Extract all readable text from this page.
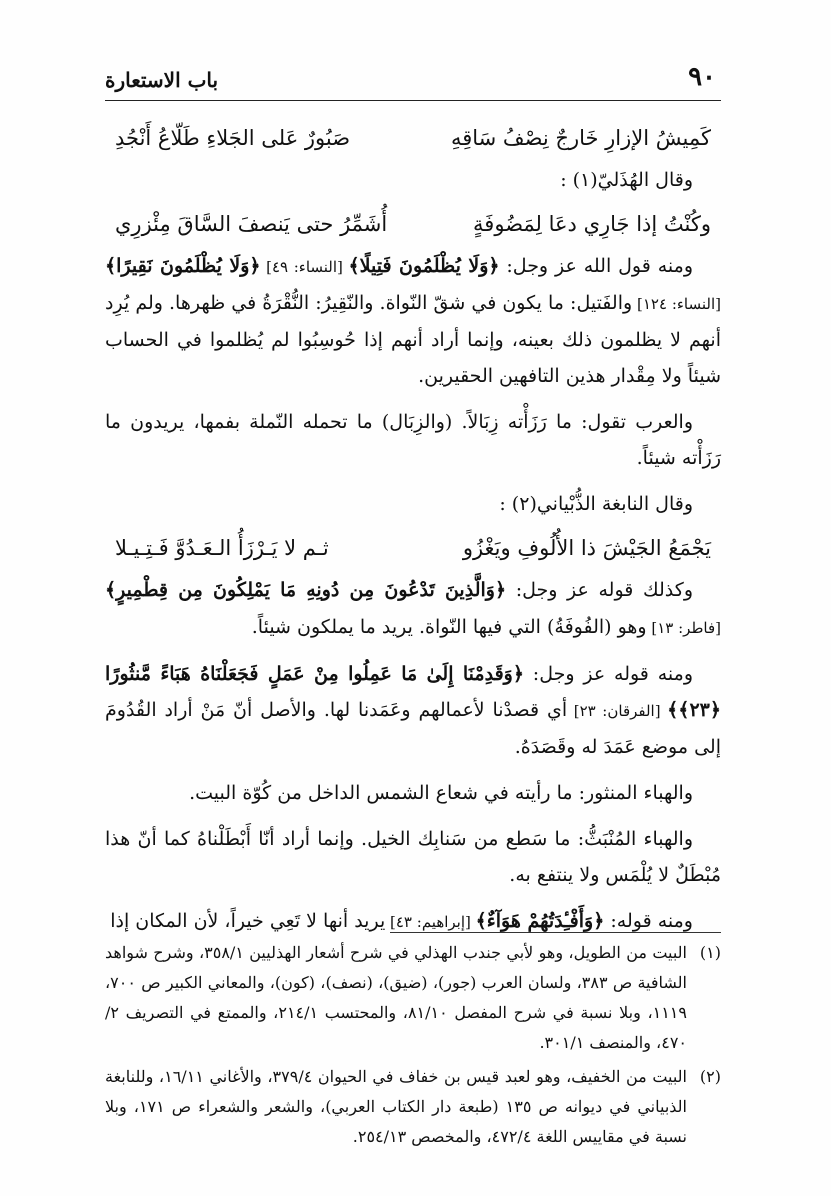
٩٠
باب الاستعارة
كَمِيشُ الإزارِ خَارجٌ نِصْفُ سَاقِهِ
صَبُورٌ عَلى الجَلاءِ طَلّاعُ أَنْجُدِ
وقال الهُذَليّ(١) :
وكُنْتُ إذا جَارِي دعَا لِمَضُوفَةٍ
أُشَمِّرُ حتى يَنصفَ السَّاقَ مِئْزرِي
ومنه قول الله عز وجل: ﴿وَلَا يُظْلَمُونَ فَتِيلًا﴾ [النساء: ٤٩] ﴿وَلَا يُظْلَمُونَ نَقِيرًا﴾ [النساء: ١٢٤] والفَتيل: ما يكون في شقّ النّواة. والنّقِيرُ: النُّقْرَةُ في ظهرها. ولم يُرِد أنهم لا يظلمون ذلك بعينه، وإنما أراد أنهم إذا حُوسِبُوا لم يُظلموا في الحساب شيئاً ولا مِقْدار هذين التافهين الحقيرين.
والعرب تقول: ما رَزَأْته زِبَالاً. (والزِبَال) ما تحمله النّملة بفمها، يريدون ما رَزَأْته شيئاً.
وقال النابغة الذُّبْياني(٢) :
يَجْمَعُ الجَيْشَ ذا الأُلُوفِ ويَغْزُو
ثـم لا يَـرْزَأُ الـعَـدُوَّ فَـتِـيـلا
وكذلك قوله عز وجل: ﴿وَالَّذِينَ تَدْعُونَ مِن دُونِهِ مَا يَمْلِكُونَ مِن قِطْمِيرٍ﴾ [فاطر: ١٣] وهو (الفُوفَةُ) التي فيها النّواة. يريد ما يملكون شيئاً.
ومنه قوله عز وجل: ﴿وَقَدِمْنَا إِلَىٰ مَا عَمِلُوا مِنْ عَمَلٍ فَجَعَلْنَاهُ هَبَاءً مَّنثُورًا ﴿٢٣﴾﴾ [الفرقان: ٢٣] أي قصدْنا لأعمالهم وعَمَدنا لها. والأصل أنّ مَنْ أراد القُدُومَ إلى موضع عَمَدَ له وقَصَدَهُ.
والهباء المنثور: ما رأيته في شعاع الشمس الداخل من كُوّة البيت.
والهباء المُنْبَثُّ: ما سَطع من سَنابِك الخيل. وإنما أراد أنّا أَبْطَلْناهُ كما أنّ هذا مُبْطَلٌ لا يُلْمَس ولا ينتفع به.
ومنه قوله: ﴿وَأَفْـِٔدَتُهُمْ هَوَآءٌ﴾ [إبراهيم: ٤٣] يريد أنها لا تَعِي خيراً، لأن المكان إذا
(١)
البيت من الطويل، وهو لأبي جندب الهذلي في شرح أشعار الهذليين ٣٥٨/١، وشرح شواهد الشافية ص ٣٨٣، ولسان العرب (جور)، (ضيق)، (نصف)، (كون)، والمعاني الكبير ص ٧٠٠، ١١١٩، وبلا نسبة في شرح المفصل ٨١/١٠، والمحتسب ٢١٤/١، والممتع في التصريف ٢/ ٤٧٠، والمنصف ٣٠١/١.
(٢)
البيت من الخفيف، وهو لعبد قيس بن خفاف في الحيوان ٣٧٩/٤، والأغاني ١٦/١١، وللنابغة الذبياني في ديوانه ص ١٣٥ (طبعة دار الكتاب العربي)، والشعر والشعراء ص ١٧١، وبلا نسبة في مقاييس اللغة ٤٧٢/٤، والمخصص ٢٥٤/١٣.
